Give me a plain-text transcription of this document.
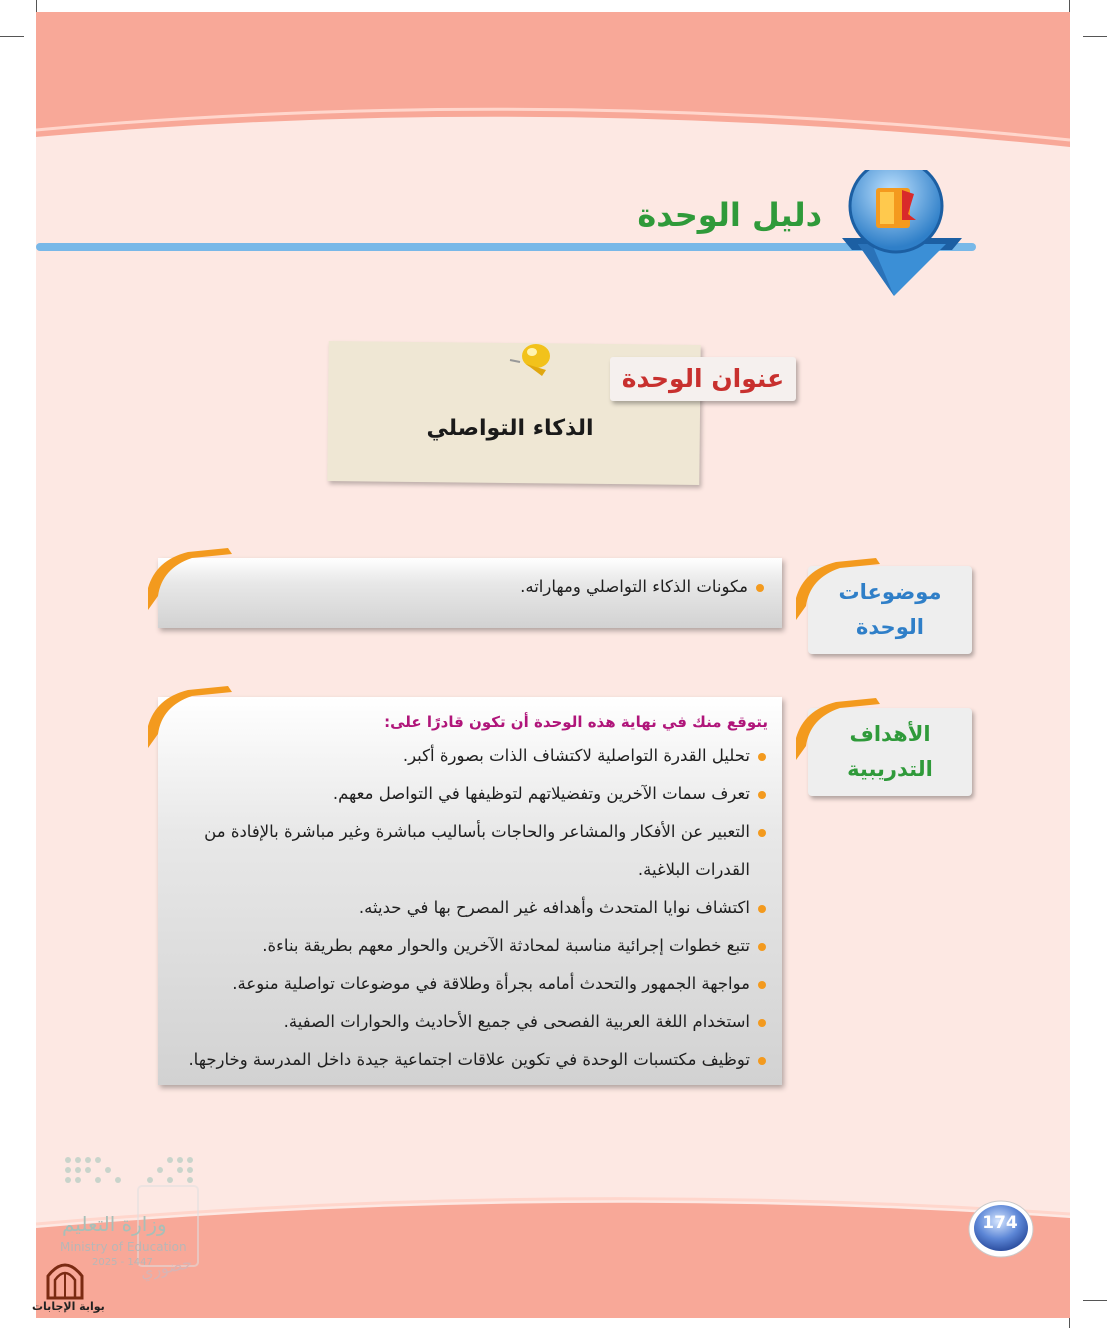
دليل الوحدة
عنوان الوحدة
الذكاء التواصلي
موضوعات
الوحدة
مكونات الذكاء التواصلي ومهاراته.
الأهداف
التدريبية

يتوقع منك في نهاية هذه الوحدة أن تكون قادرًا على:

تحليل القدرة التواصلية لاكتشاف الذات بصورة أكبر.
تعرف سمات الآخرين وتفضيلاتهم لتوظيفها في التواصل معهم.
التعبير عن الأفكار والمشاعر والحاجات بأساليب مباشرة وغير مباشرة بالإفادة من القدرات البلاغية.
اكتشاف نوايا المتحدث وأهدافه غير المصرح بها في حديثه.
تتبع خطوات إجرائية مناسبة لمحادثة الآخرين والحوار معهم بطريقة بناءة.
مواجهة الجمهور والتحدث أمامه بجرأة وطلاقة في موضوعات تواصلية منوعة.
استخدام اللغة العربية الفصحى في جميع الأحاديث والحوارات الصفية.
توظيف مكتسبات الوحدة في تكوين علاقات اجتماعية جيدة داخل المدرسة وخارجها.
174
وزارة التعليم
Ministry of Education
2025 - 1447
حضوري
بوابة الإجابات
